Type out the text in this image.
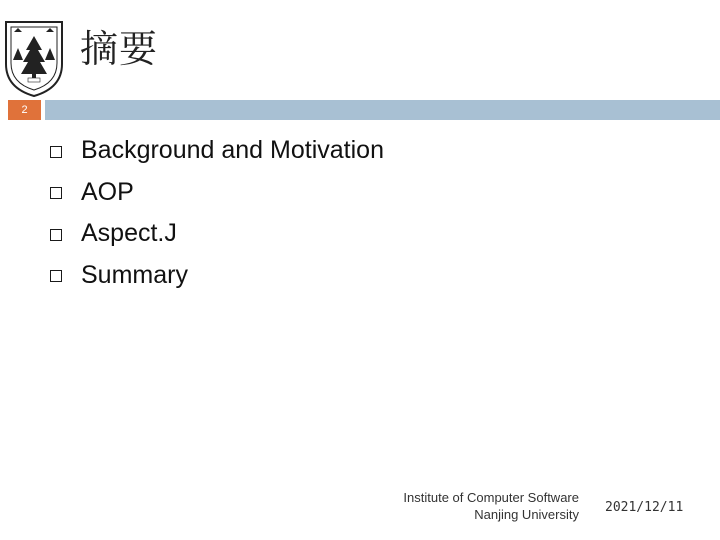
摘要
2
Background and Motivation
AOP
Aspect.J
Summary
Institute of Computer Software
Nanjing University 2021/12/11
